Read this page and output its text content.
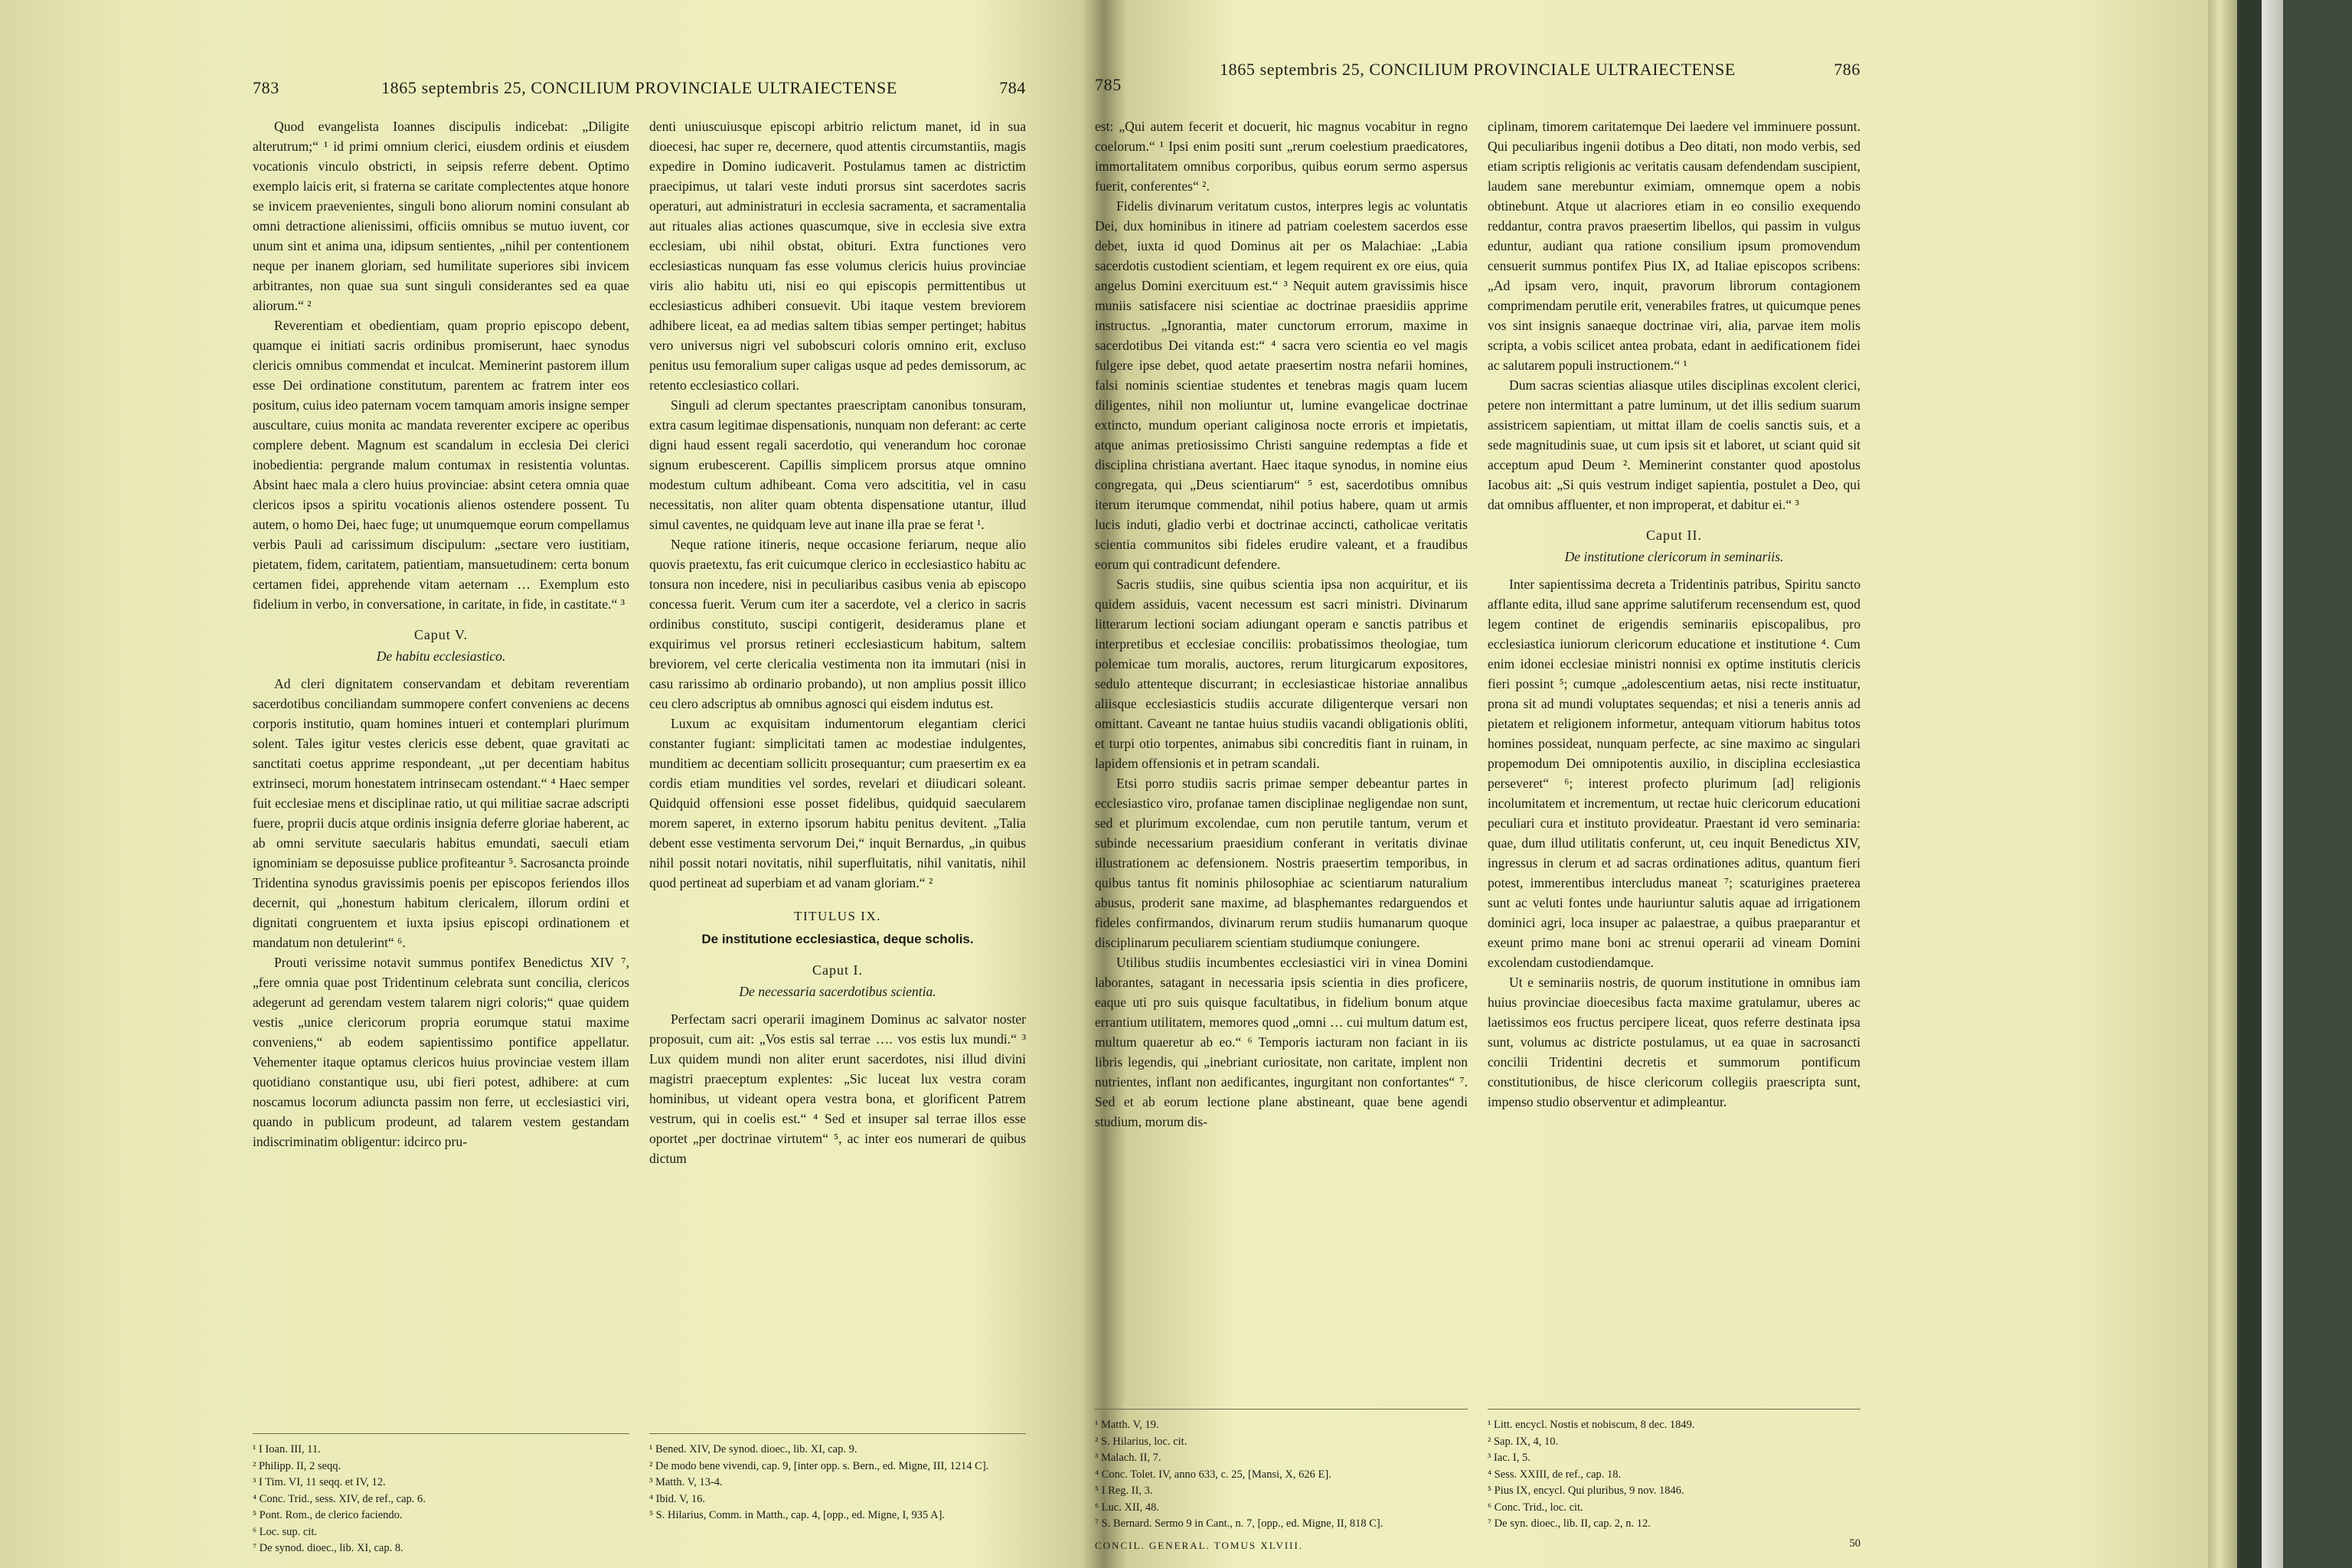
783	1865 septembris 25, CONCILIUM PROVINCIALE ULTRAIECTENSE	784

Quod evangelista Ioannes discipulis indicebat: „Diligite alterutrum;“ ¹ id primi omnium clerici, eiusdem ordinis et eiusdem vocationis vinculo obstricti, in seipsis referre debent. Optimo exemplo laicis erit, si fraterna se caritate complectentes atque honore se invicem praevenientes, singuli bono aliorum nomini consulant ab omni detractione alienissimi, officiis omnibus se mutuo iuvent, cor unum sint et anima una, idipsum sentientes, „nihil per contentionem neque per inanem gloriam, sed humilitate superiores sibi invicem arbitrantes, non quae sua sunt singuli considerantes sed ea quae aliorum.“ ²

Reverentiam et obedientiam, quam proprio episcopo debent, quamque ei initiati sacris ordinibus promiserunt, haec synodus clericis omnibus commendat et inculcat. Meminerint pastorem illum esse Dei ordinatione constitutum, parentem ac fratrem inter eos positum, cuius ideo paternam vocem tamquam amoris insigne semper auscultare, cuius monita ac mandata reverenter excipere ac operibus complere debent. Magnum est scandalum in ecclesia Dei clerici inobedientia: pergrande malum contumax in resistentia voluntas. Absint haec mala a clero huius provinciae: absint cetera omnia quae clericos ipsos a spiritu vocationis alienos ostendere possent. Tu autem, o homo Dei, haec fuge; ut unumquemque eorum compellamus verbis Pauli ad carissimum discipulum: „sectare vero iustitiam, pietatem, fidem, caritatem, patientiam, mansuetudinem: certa bonum certamen fidei, apprehende vitam aeternam … Exemplum esto fidelium in verbo, in conversatione, in caritate, in fide, in castitate.“ ³

Caput V.

De habitu ecclesiastico.

Ad cleri dignitatem conservandam et debitam reverentiam sacerdotibus conciliandam summopere confert conveniens ac decens corporis institutio, quam homines intueri et contemplari plurimum solent. Tales igitur vestes clericis esse debent, quae gravitati ac sanctitati coetus apprime respondeant, „ut per decentiam habitus extrinseci, morum honestatem intrinsecam ostendant.“ ⁴ Haec semper fuit ecclesiae mens et disciplinae ratio, ut qui militiae sacrae adscripti fuere, proprii ducis atque ordinis insignia deferre gloriae haberent, ac ab omni servitute saecularis habitus emundati, saeculi etiam ignominiam se deposuisse publice profiteantur ⁵. Sacrosancta proinde Tridentina synodus gravissimis poenis per episcopos feriendos illos decernit, qui „honestum habitum clericalem, illorum ordini et dignitati congruentem et iuxta ipsius episcopi ordinationem et mandatum non detulerint“ ⁶.

Prouti verissime notavit summus pontifex Benedictus XIV ⁷, „fere omnia quae post Tridentinum celebrata sunt concilia, clericos adegerunt ad gerendam vestem talarem nigri coloris;“ quae quidem vestis „unice clericorum propria eorumque statui maxime conveniens,“ ab eodem sapientissimo pontifice appellatur. Vehementer itaque optamus clericos huius provinciae vestem illam quotidiano constantique usu, ubi fieri potest, adhibere: at cum noscamus locorum adiuncta passim non ferre, ut ecclesiastici viri, quando in publicum prodeunt, ad talarem vestem gestandam indiscriminatim obligentur: idcirco pru-

denti uniuscuiusque episcopi arbitrio relictum manet, id in sua dioecesi, hac super re, decernere, quod attentis circumstantiis, magis expedire in Domino iudicaverit. Postulamus tamen ac districtim praecipimus, ut talari veste induti prorsus sint sacerdotes sacris operaturi, aut administraturi in ecclesia sacramenta, et sacramentalia aut rituales alias actiones quascumque, sive in ecclesia sive extra ecclesiam, ubi nihil obstat, obituri. Extra functiones vero ecclesiasticas nunquam fas esse volumus clericis huius provinciae viris alio habitu uti, nisi eo qui episcopis permittentibus ut ecclesiasticus adhiberi consuevit. Ubi itaque vestem breviorem adhibere liceat, ea ad medias saltem tibias semper pertinget; habitus vero universus nigri vel subobscuri coloris omnino erit, excluso penitus usu femoralium super caligas usque ad pedes demissorum, ac retento ecclesiastico collari.

Singuli ad clerum spectantes praescriptam canonibus tonsuram, extra casum legitimae dispensationis, nunquam non deferant: ac certe digni haud essent regali sacerdotio, qui venerandum hoc coronae signum erubescerent. Capillis simplicem prorsus atque omnino modestum cultum adhibeant. Coma vero adscititia, vel in casu necessitatis, non aliter quam obtenta dispensatione utantur, illud simul caventes, ne quidquam leve aut inane illa prae se ferat ¹.

Neque ratione itineris, neque occasione feriarum, neque alio quovis praetextu, fas erit cuicumque clerico in ecclesiastico habitu ac tonsura non incedere, nisi in peculiaribus casibus venia ab episcopo concessa fuerit. Verum cum iter a sacerdote, vel a clerico in sacris ordinibus constituto, suscipi contigerit, desideramus plane et exquirimus vel prorsus retineri ecclesiasticum habitum, saltem breviorem, vel certe clericalia vestimenta non ita immutari (nisi in casu rarissimo ab ordinario probando), ut non amplius possit illico ceu clero adscriptus ab omnibus agnosci qui eisdem indutus est.

Luxum ac exquisitam indumentorum elegantiam clerici constanter fugiant: simplicitati tamen ac modestiae indulgentes, munditiem ac decentiam sollicitι prosequantur; cum praesertim ex ea cordis etiam munditiеs vel sordes, revelari et diiudicari soleant. Quidquid offensioni esse posset fidelibus, quidquid saecularem morem saperet, in externo ipsorum habitu penitus devitent. „Talia debent esse vestimenta servorum Dei,“ inquit Bernardus, „in quibus nihil possit notari novitatis, nihil superfluitatis, nihil vanitatis, nihil quod pertineat ad superbiam et ad vanam gloriam.“ ²

TITULUS IX.

De institutione ecclesiastica, deque scholis.

Caput I.

De necessaria sacerdotibus scientia.

Perfectam sacri operarii imaginem Dominus ac salvator noster proposuit, cum ait: „Vos estis sal terrae …. vos estis lux mundi.“ ³ Lux quidem mundi non aliter erunt sacerdotes, nisi illud divini magistri praeceptum explentes: „Sic luceat lux vestra coram hominibus, ut videant opera vestra bona, et glorificent Patrem vestrum, qui in coelis est.“ ⁴ Sed et insuper sal terrae illos esse oportet „per doctrinae virtutem“ ⁵, ac inter eos numerari de quibus dictum

¹ I Ioan. III, 11.
² Philipp. II, 2 seqq.
³ I Tim. VI, 11 seqq. et IV, 12.
⁴ Conc. Trid., sess. XIV, de ref., cap. 6.
⁵ Pont. Rom., de clerico faciendo.
⁶ Loc. sup. cit.
⁷ De synod. dioec., lib. XI, cap. 8.
¹ Bened. XIV, De synod. dioec., lib. XI, cap. 9.
² De modo bene vivendi, cap. 9, [inter opp. s. Bern., ed. Migne, III, 1214 C].
³ Matth. V, 13-4.
⁴ Ibid. V, 16.
⁵ S. Hilarius, Comm. in Matth., cap. 4, [opp., ed. Migne, I, 935 A].
785
1865 septembris 25, CONCILIUM PROVINCIALE ULTRAIECTENSE	786

est: „Qui autem fecerit et docuerit, hic magnus vocabitur in regno coelorum.“ ¹ Ipsi enim positi sunt „rerum coelestium praedicatores, immortalitatem omnibus corporibus, quibus eorum sermo aspersus fuerit, conferentes“ ².

Fidelis divinarum veritatum custos, interpres legis ac voluntatis Dei, dux hominibus in itinere ad patriam coelestem sacerdos esse debet, iuxta id quod Dominus ait per os Malachiae: „Labia sacerdotis custodient scientiam, et legem requirent ex ore eius, quia angelus Domini exercituum est.“ ³ Nequit autem gravissimis hisce muniis satisfacere nisi scientiae ac doctrinae praesidiis apprime instructus. „Ignorantia, mater cunctorum errorum, maxime in sacerdotibus Dei vitanda est:“ ⁴ sacra vero scientia eo vel magis fulgere ipse debet, quod aetate praesertim nostra nefarii homines, falsi nominis scientiae studentes et tenebras magis quam lucem diligentes, nihil non moliuntur ut, lumine evangelicae doctrinae extincto, mundum operiant caliginosa nocte erroris et impietatis, atque animas pretiosissimo Christi sanguine redemptas a fide et disciplina christiana avertant. Haec itaque synodus, in nomine eius congregata, qui „Deus scientiarum“ ⁵ est, sacerdotibus omnibus iterum iterumque commendat, nihil potius habere, quam ut armis lucis induti, gladio verbi et doctrinae accincti, catholicae veritatis scientia communitos sibi fideles erudire valeant, et a fraudibus eorum qui contradicunt defendere.

Sacris studiis, sine quibus scientia ipsa non acquiritur, et iis quidem assiduis, vacent necessum est sacri ministri. Divinarum litterarum lectioni sociam adiungant operam e sanctis patribus et interpretibus et ecclesiae conciliis: probatissimos theologiae, tum polemicae tum moralis, auctores, rerum liturgicarum expositores, sedulo attenteque discurrant; in ecclesiasticae historiae annalibus aliisque ecclesiasticis studiis accurate diligenterque versari non omittant. Caveant ne tantae huius studiis vacandi obligationis obliti, et turpi otio torpentes, animabus sibi concreditis fiant in ruinam, in lapidem offensionis et in petram scandali.

Etsi porro studiis sacris primae semper debeantur partes in ecclesiastico viro, profanae tamen disciplinae negligendae non sunt, sed et plurimum excolendae, cum non perutile tantum, verum et subinde necessarium praesidium conferant in veritatis divinae illustrationem ac defensionem. Nostris praesertim temporibus, in quibus tantus fit nominis philosophiae ac scientiarum naturalium abusus, proderit sane maxime, ad blasphemantes redarguendos et fideles confirmandos, divinarum rerum studiis humanarum quoque disciplinarum peculiarem scientiam studiumque coniungere.

Utilibus studiis incumbentes ecclesiastici viri in vinea Domini laborantes, satagant in necessaria ipsis scientia in dies proficere, eaque uti pro suis quisque facultatibus, in fidelium bonum atque errantium utilitatem, memores quod „omni … cui multum datum est, multum quaeretur ab eo.“ ⁶ Temporis iacturam non faciant in iis libris legendis, qui „inebriant curiositate, non caritate, implent non nutrientes, inflant non aedificantes, ingurgitant non confortantes“ ⁷. Sed et ab eorum lectione plane abstineant, quae bene agendi studium, morum dis-

ciplinam, timorem caritatemque Dei laedere vel imminuere possunt. Qui peculiaribus ingenii dotibus a Deo ditati, non modo verbis, sed etiam scriptis religionis ac veritatis causam defendendam suscipient, laudem sane merebuntur eximiam, omnemque opem a nobis obtinebunt. Atque ut alacriores etiam in eo consilio exequendo reddantur, contra pravos praesertim libellos, qui passim in vulgus eduntur, audiant qua ratione consilium ipsum promovendum censuerit summus pontifex Pius IX, ad Italiae episcopos scribens: „Ad ipsam vero, inquit, pravorum librorum contagionem comprimendam perutile erit, venerabiles fratres, ut quicumque penes vos sint insignis sanaeque doctrinae viri, alia, parvae item molis scripta, a vobis scilicet antea probata, edant in aedificationem fidei ac salutarem populi instructionem.“ ¹

Dum sacras scientias aliasque utiles disciplinas excolent clerici, petere non intermittant a patre luminum, ut det illis sedium suarum assistricem sapientiam, ut mittat illam de coelis sanctis suis, et a sede magnitudinis suae, ut cum ipsis sit et laboret, ut sciant quid sit acceptum apud Deum ². Meminerint constanter quod apostolus Iacobus ait: „Si quis vestrum indiget sapientia, postulet a Deo, qui dat omnibus affluenter, et non improperat, et dabitur ei.“ ³

Caput II.

De institutione clericorum in seminariis.

Inter sapientissima decreta a Tridentinis patribus, Spiritu sancto afflante edita, illud sane apprime salutiferum recensendum est, quod legem continet de erigendis seminariis episcopalibus, pro ecclesiastica iuniorum clericorum educatione et institutione ⁴. Cum enim idonei ecclesiae ministri nonnisi ex optime institutis clericis fieri possint ⁵; cumque „adolescentium aetas, nisi recte instituatur, prona sit ad mundi voluptates sequendas; et nisi a teneris annis ad pietatem et religionem informetur, antequam vitiorum habitus totos homines possideat, nunquam perfecte, ac sine maximo ac singulari propemodum Dei omnipotentis auxilio, in disciplina ecclesiastica perseveret“ ⁶; interest profecto plurimum [ad] religionis incolumitatem et incrementum, ut rectae huic clericorum educationi peculiari cura et instituto provideatur. Praestant id vero seminaria: quae, dum illud utilitatis conferunt, ut, ceu inquit Benedictus XIV, ingressus in clerum et ad sacras ordinationes aditus, quantum fieri potest, immerentibus intercludus maneat ⁷; scaturigines praeterea sunt ac veluti fontes unde hauriuntur salutis aquae ad irrigationem dominici agri, loca insuper ac palaestrae, a quibus praeparantur et exeunt primo mane boni ac strenui operarii ad vineam Domini excolendam custodiendamque.

Ut e seminariis nostris, de quorum institutione in omnibus iam huius provinciae dioecesibus facta maxime gratulamur, uberes ac laetissimos eos fructus percipere liceat, quos referre destinata ipsa sunt, volumus ac districte postulamus, ut ea quae in sacrosancti concilii Tridentini decretis et summorum pontificum constitutionibus, de hisce clericorum collegiis praescripta sunt, impenso studio observentur et adimpleantur.

¹ Matth. V, 19.
² S. Hilarius, loc. cit.
³ Malach. II, 7.
⁴ Conc. Tolet. IV, anno 633, c. 25, [Mansi, X, 626 E].
⁵ I Reg. II, 3.
⁶ Luc. XII, 48.
⁷ S. Bernard. Sermo 9 in Cant., n. 7, [opp., ed. Migne, II, 818 C].
CONCIL. GENERAL. TOMUS XLVIII.
¹ Litt. encycl. Nostis et nobiscum, 8 dec. 1849.
² Sap. IX, 4, 10.
³ Iac. I, 5.
⁴ Sess. XXIII, de ref., cap. 18.
⁵ Pius IX, encycl. Qui pluribus, 9 nov. 1846.
⁶ Conc. Trid., loc. cit.
⁷ De syn. dioec., lib. II, cap. 2, n. 12.
50
